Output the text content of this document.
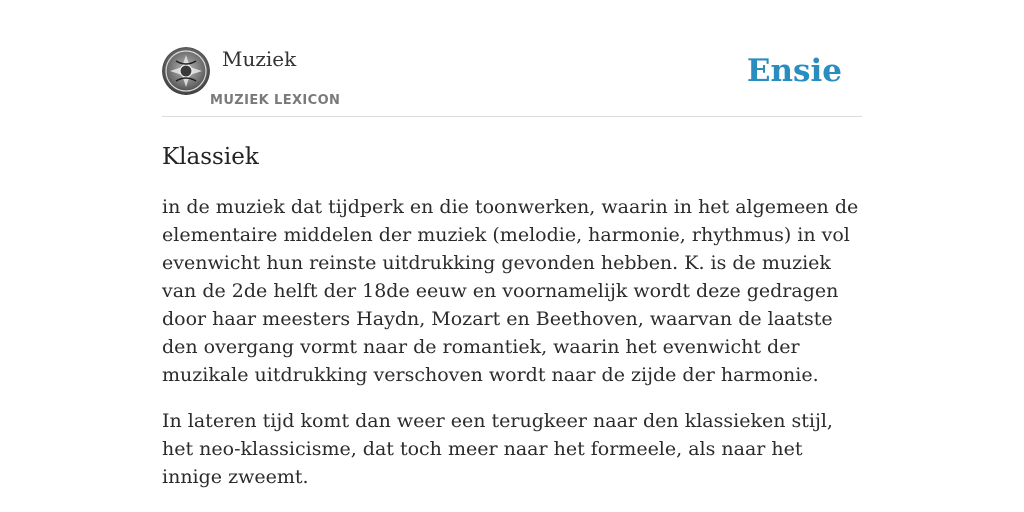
Muziek
MUZIEK LEXICON
Ensie
Klassiek

in de muziek dat tijdperk en die toonwerken, waarin in het algemeen de elementaire middelen der muziek (melodie, harmonie, rhythmus) in vol evenwicht hun reinste uitdrukking gevonden hebben. K. is de muziek van de 2de helft der 18de eeuw en voornamelijk wordt deze gedragen door haar meesters Haydn, Mozart en Beethoven, waarvan de laatste den overgang vormt naar de romantiek, waarin het evenwicht der muzikale uitdrukking verschoven wordt naar de zijde der harmonie.

In lateren tijd komt dan weer een terugkeer naar den klassieken stijl, het neo-klassicisme, dat toch meer naar het formeele, als naar het innige zweemt.
